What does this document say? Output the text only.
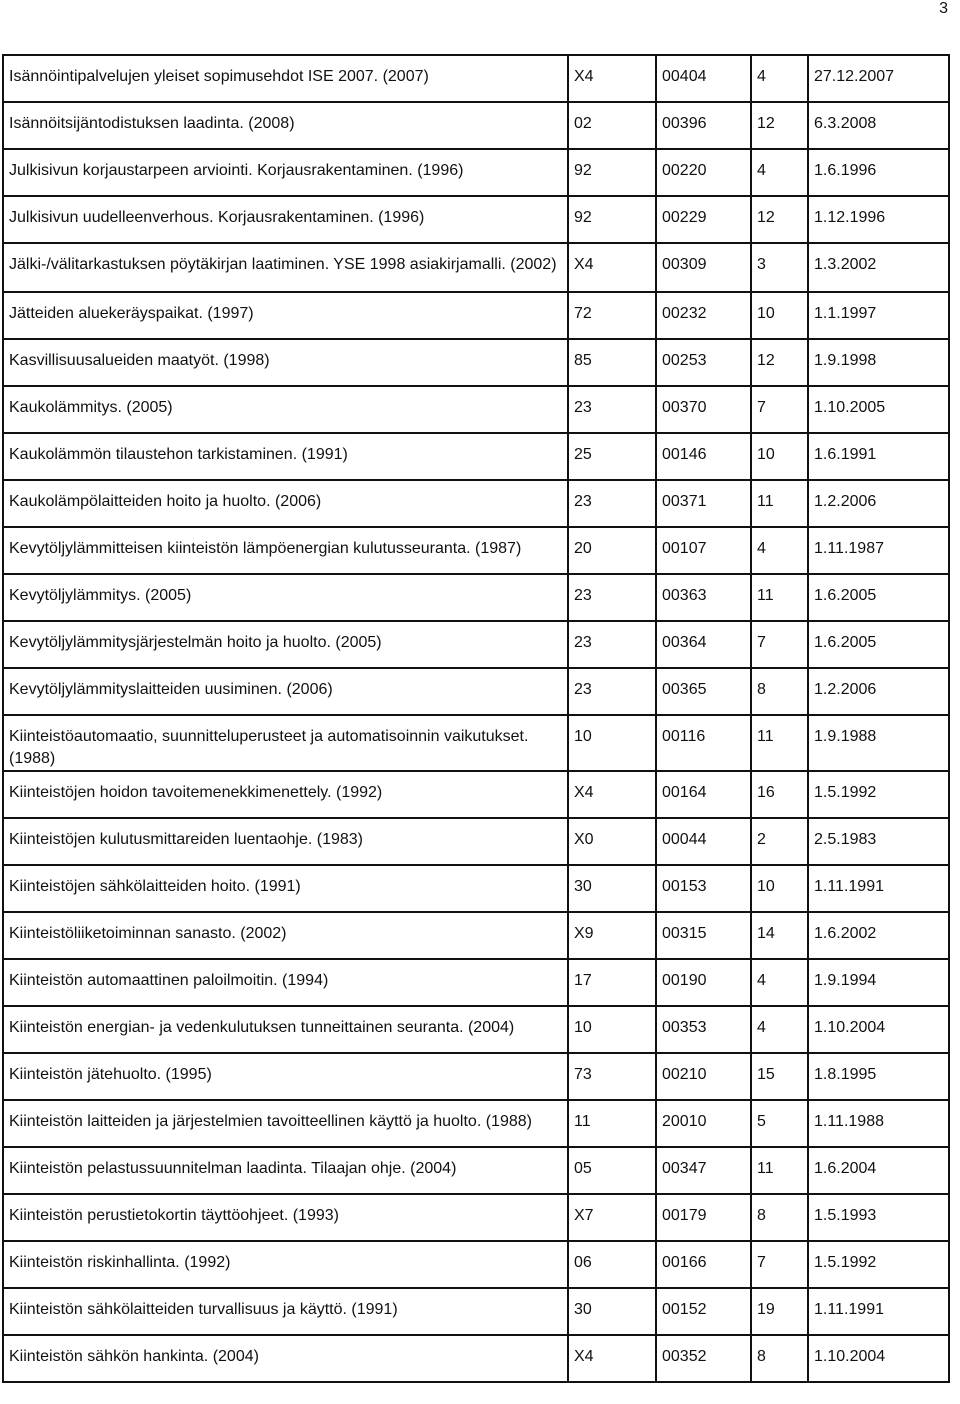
3
Isännöintipalvelujen yleiset sopimusehdot ISE 2007. (2007)	X4	00404	4	27.12.2007
Isännöitsijäntodistuksen laadinta. (2008)	02	00396	12	6.3.2008
Julkisivun korjaustarpeen arviointi. Korjausrakentaminen. (1996)	92	00220	4	1.6.1996
Julkisivun uudelleenverhous. Korjausrakentaminen. (1996)	92	00229	12	1.12.1996
Jälki-/välitarkastuksen pöytäkirjan laatiminen. YSE 1998 asiakirjamalli. (2002)	X4	00309	3	1.3.2002
Jätteiden aluekeräyspaikat. (1997)	72	00232	10	1.1.1997
Kasvillisuusalueiden maatyöt. (1998)	85	00253	12	1.9.1998
Kaukolämmitys. (2005)	23	00370	7	1.10.2005
Kaukolämmön tilaustehon tarkistaminen. (1991)	25	00146	10	1.6.1991
Kaukolämpölaitteiden hoito ja huolto. (2006)	23	00371	11	1.2.2006
Kevytöljylämmitteisen kiinteistön lämpöenergian kulutusseuranta. (1987)	20	00107	4	1.11.1987
Kevytöljylämmitys. (2005)	23	00363	11	1.6.2005
Kevytöljylämmitysjärjestelmän hoito ja huolto. (2005)	23	00364	7	1.6.2005
Kevytöljylämmityslaitteiden uusiminen. (2006)	23	00365	8	1.2.2006
Kiinteistöautomaatio, suunnitteluperusteet ja automatisoinnin vaikutukset. (1988)	10	00116	11	1.9.1988
Kiinteistöjen hoidon tavoitemenekkimenettely. (1992)	X4	00164	16	1.5.1992
Kiinteistöjen kulutusmittareiden luentaohje. (1983)	X0	00044	2	2.5.1983
Kiinteistöjen sähkölaitteiden hoito. (1991)	30	00153	10	1.11.1991
Kiinteistöliiketoiminnan sanasto. (2002)	X9	00315	14	1.6.2002
Kiinteistön automaattinen paloilmoitin. (1994)	17	00190	4	1.9.1994
Kiinteistön energian- ja vedenkulutuksen tunneittainen seuranta. (2004)	10	00353	4	1.10.2004
Kiinteistön jätehuolto. (1995)	73	00210	15	1.8.1995
Kiinteistön laitteiden ja järjestelmien tavoitteellinen käyttö ja huolto. (1988)	11	20010	5	1.11.1988
Kiinteistön pelastussuunnitelman laadinta. Tilaajan ohje. (2004)	05	00347	11	1.6.2004
Kiinteistön perustietokortin täyttöohjeet. (1993)	X7	00179	8	1.5.1993
Kiinteistön riskinhallinta. (1992)	06	00166	7	1.5.1992
Kiinteistön sähkölaitteiden turvallisuus ja käyttö. (1991)	30	00152	19	1.11.1991
Kiinteistön sähkön hankinta. (2004)	X4	00352	8	1.10.2004
